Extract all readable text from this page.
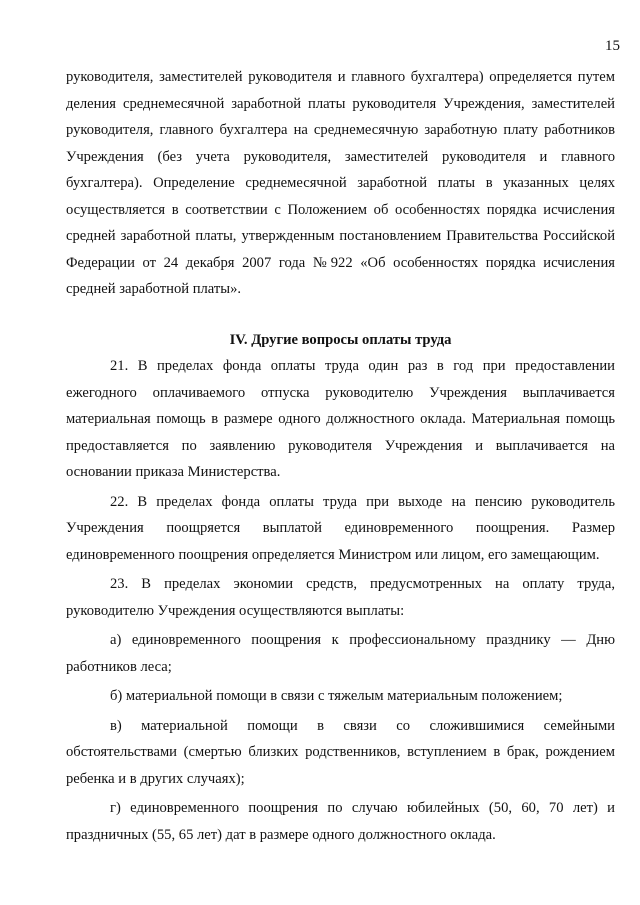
15

руководителя, заместителей руководителя и главного бухгалтера) определяется путем деления среднемесячной заработной платы руководителя Учреждения, заместителей руководителя, главного бухгалтера на среднемесячную заработную плату работников Учреждения (без учета руководителя, заместителей руководителя и главного бухгалтера). Определение среднемесячной заработной платы в указанных целях осуществляется в соответствии с Положением об особенностях порядка исчисления средней заработной платы, утвержденным постановлением Правительства Российской Федерации от 24 декабря 2007 года №922 «Об особенностях порядка исчисления средней заработной платы».

IV. Другие вопросы оплаты труда

21. В пределах фонда оплаты труда один раз в год при предоставлении ежегодного оплачиваемого отпуска руководителю Учреждения выплачивается материальная помощь в размере одного должностного оклада. Материальная помощь предоставляется по заявлению руководителя Учреждения и выплачивается на основании приказа Министерства.

22. В пределах фонда оплаты труда при выходе на пенсию руководитель Учреждения поощряется выплатой единовременного поощрения. Размер единовременного поощрения определяется Министром или лицом, его замещающим.

23. В пределах экономии средств, предусмотренных на оплату труда, руководителю Учреждения осуществляются выплаты:

а) единовременного поощрения к профессиональному празднику — Дню работников леса;

б) материальной помощи в связи с тяжелым материальным положением;

в) материальной помощи в связи со сложившимися семейными обстоятельствами (смертью близких родственников, вступлением в брак, рождением ребенка и в других случаях);

г) единовременного поощрения по случаю юбилейных (50, 60, 70 лет) и праздничных (55, 65 лет) дат в размере одного должностного оклада.
